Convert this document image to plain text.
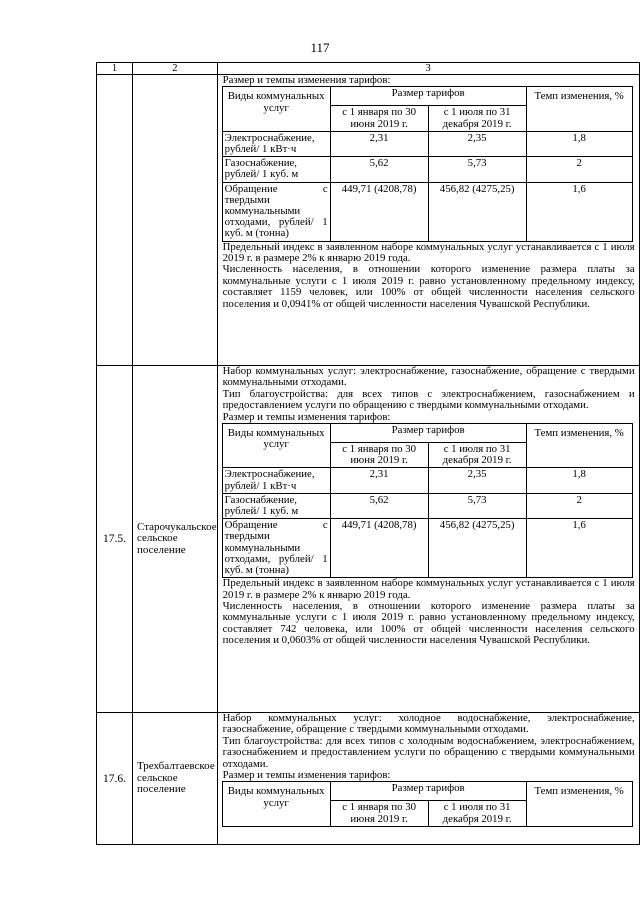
117
1	2	3

Размер и темпы изменения тарифов:

Виды коммунальных услуг	Размер тарифов	Темп изменения, %
с 1 января по 30 июня 2019 г.	с 1 июля по 31 декабря 2019 г.
Электроснабжение, рублей/ 1 кВт·ч	2,31	2,35	1,8
Газоснабжение, рублей/ 1 куб. м	5,62	5,73	2
Обращение с твердыми коммунальными отходами, рублей/ 1 куб. м (тонна)	449,71 (4208,78)	456,82 (4275,25)	1,6

Предельный индекс в заявленном наборе коммунальных услуг устанавливается с 1 июля 2019 г. в размере 2% к январю 2019 года.

Численность населения, в отношении которого изменение размера платы за коммунальные услуги с 1 июля 2019 г. равно установленному предельному индексу, составляет 1159 человек, или 100% от общей численности населения сельского поселения и 0,0941% от общей численности населения Чувашской Республики.

17.5.	Старочукальское сельское поселение	

Набор коммунальных услуг: электроснабжение, газоснабжение, обращение с твердыми коммунальными отходами.

Тип благоустройства: для всех типов с электроснабжением, газоснабжением и предоставлением услуги по обращению с твердыми коммунальными отходами.

Размер и темпы изменения тарифов:

Виды коммунальных услуг	Размер тарифов	Темп изменения, %
с 1 января по 30 июня 2019 г.	с 1 июля по 31 декабря 2019 г.
Электроснабжение, рублей/ 1 кВт·ч	2,31	2,35	1,8
Газоснабжение, рублей/ 1 куб. м	5,62	5,73	2
Обращение с твердыми коммунальными отходами, рублей/ 1 куб. м (тонна)	449,71 (4208,78)	456,82 (4275,25)	1,6

Предельный индекс в заявленном наборе коммунальных услуг устанавливается с 1 июля 2019 г. в размере 2% к январю 2019 года.

Численность населения, в отношении которого изменение размера платы за коммунальные услуги с 1 июля 2019 г. равно установленному предельному индексу, составляет 742 человека, или 100% от общей численности населения сельского поселения и 0,0603% от общей численности населения Чувашской Республики.

17.6.	Трехбалтаевское сельское поселение	

Набор коммунальных услуг: холодное водоснабжение, электроснабжение, газоснабжение, обращение с твердыми коммунальными отходами.

Тип благоустройства: для всех типов с холодным водоснабжением, электроснабжением, газоснабжением и предоставлением услуги по обращению с твердыми коммунальными отходами.

Размер и темпы изменения тарифов:

Виды коммунальных услуг	Размер тарифов	Темп изменения, %
с 1 января по 30 июня 2019 г.	с 1 июля по 31 декабря 2019 г.
